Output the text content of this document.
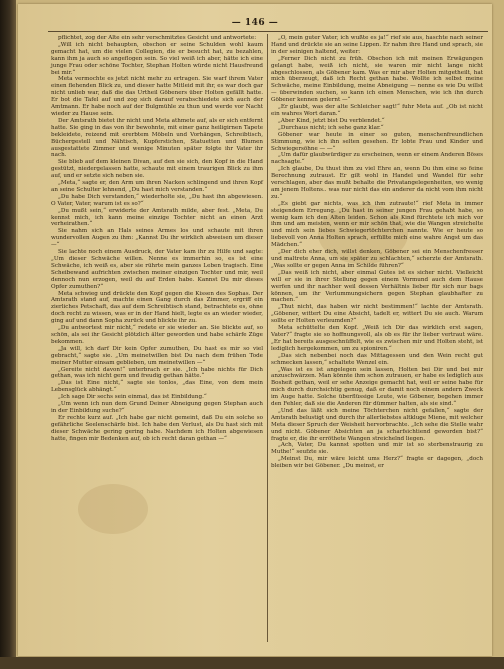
— 146 —

pflichtet, zog der Alte ein sehr verschmitztes Gesicht und antwortete:

„Will ich nicht behaupten, obschon er seine Schulden wohl kaum gemacht hat, um die vielen Collegien, die er besucht hat, zu bezahlen, kann ihm ja auch so angeflogen sein. So viel weiß ich aber, hätte ich eine junge Frau oder schöne Tochter, Stephan Holten würde nicht Hausfreund bei mir.“

Meta vermochte es jetzt nicht mehr zu ertragen. Sie warf ihrem Vater einen flehenden Blick zu, und dieser hatte Mitleid mit ihr, es war doch gar nicht unlieb war, daß die das Urtheil Göbeners über Holten gefällt hatte. Er bot die Tafel auf und zog sich darauf verabschiedete sich auch der Amtmann. Er habe noch auf der Bulgmühle zu thun und werde vor Nacht wieder zu Hause sein.

Der Amtsrath bietet ihr nicht und Meta athmete auf, als er sich entfernt hatte. Sie ging in das von ihr bewohnte, mit einer ganz heiligirnen Tapete bekleidete, reizend mit ererbtem Möbeln und Vorhängen, Schreibtisch, Büchergestell und Nähtisch, Kupferstichen, Statuetten und Blumen ausgestattete Zimmer und wenige Minuten später folgte ihr Vater ihr nach.

Sie blieb auf dem kleinen Divan, auf den sie sich, den Kopf in die Hand gestützt, niedergelassen hatte, schaute mit einem traurigen Blick zu ihm auf, und er setzte sich neben sie.

„Meta,“ sagte er, den Arm um ihren Nacken schlingend und ihren Kopf an seine Schulter lehnend, „Du hast mich verstanden.“

„Du habe Dich verstanden,“ wiederholte sie, „Du hast ihn abgewiesen. O Vater, Vater, warum ist es so?“

„Du mußt sein,“ erwiderte der Amtsrath milde, aber fest. „Meta, Du kennst mich, ich kann meine einzige Tochter nicht an einen Arzt verheirathen.“

Sie nahm sich an Hals seines Armes los und schaute mit ihren wundervollen Augen zu ihm: „Kannst Du ihr wirklich abweisen um dieser —“

Sie lachte noch einem Ausdruck, der Vater kam ihr zu Hilfe und sagte: „Um dieser Schwäche willen. Nenne es immerhin so, es ist eine Schwäche, ich weiß es, aber sie rührte mein ganzes Leben tragisch. Eine Scheibewand aufrichten zwischen meiner einzigen Tochter und mir, weil dennoch nun erzogen, weil du auf Erden habe. Kannst Du mir dieses Opfer zumuthen?“

Meta schwieg und drückte den Kopf gegen die Kissen des Sophas. Der Amtsrath stand auf, machte einen Gang durch das Zimmer, ergriff ein zierliches Petschaft, das auf dem Schreibtisch stand, betrachtete es, ohne doch recht zu wissen, was er in der Hand hielt, legte es an wieder wieder, ging auf und dann Sopha zurück und blickte ihr zu.

„Du antwortest mir nicht,“ redete er sie wieder an. Sie blickte auf, so schön, als sei ihr Gesicht plötzlich älter geworden und habe schärfe Züge bekommen.

„Ja will, ich darf Dir kein Opfer zumuthen, Du hast es mir so viel gebracht,“ sagte sie. „Um meinetwillen bist Du nach dem frühen Tode meiner Mutter einsam geblieben, um meinetwillen —“

„Gereite nicht davon!“ unterbrach er sie. „Ich habe nichts für Dich gethan, was ich nicht gern und freudig gethan hätte.“

„Das ist Eine nicht,“ sagte sie tonlos, „das Eine, von dem mein Lebensglück abhängt.“

„Ich sage Dir sechs sein einmal, das ist Einbildung.“

„Um wenn ich nun dem Grund Deiner Abneigung gegen Stephan auch in der Einbildung suche?“

Er rechte kurz auf. „Ich habe gar nicht gemeint, daß Du ein solche so gefährliche Seelenschärfe bist. Ich habe den Verlust, als Du hast sich mit dieser Schwäche gering gering habe. Nachdem ich Holten abgewiesen hatte, fingen mir Bedenken auf, ob ich recht daran gethan —“

„O, mein guter Vater, ich wußte es ja!“ rief sie aus, haschte nach seiner Hand und drückte sie an seine Lippen. Er nahm ihre Hand und sprach, sie in der seinigen haltend, weiter:

„Ferner Dich nicht zu früh. Obschon ich mit meinen Erwägungen gelangt habe, weiß ich nicht, sie waren mir nicht lange nicht abgeschlossen, als Göbener kam. Was er mir aber Holten mitgetheilt, hat mich überzeugt, daß ich Recht gethan habe. Wollte ich selbst meine Schwäche, meine Einbildung, meine Abneigung — nenne es wie Du willst — überwinden suchen, so kann ich einen Menschen, wie ich ihn durch Göbener kennen gelernt —“

„Er glaubt, was der alte Schleicher sagt!“ fuhr Meta auf. „Ob ist nicht ein wahres Wort daran.“

„Aber Kind, jetzt bist Du verblendet.“

„Durchaus nicht; ich sehe ganz klar.“

Göbener war heute in einer so guten, menschenfreundlichen Stimmung, wie ich ihn selten gesehen. Er lobte Frau und Kinder und Schwiegersöhne — —“

„Um dafür glaubwürdiger zu erscheinen, wenn er einem Anderen Böses nachsagte.“

„Ich glaube, Du thust ihm zu viel Ehre an, wenn Du ihm eine so feine Berechnung zutraust. Er gilt wohl in Handel und Wandel für sehr verschlagen, aber das mußt behalte die Privatangelegenheiten, wo wenig am jenem Holtens.. was nur nicht das ein anderer da nicht vom ihm nicht zu.“

„Es giebt gar nichts, was ich ihm zutraute!“ rief Meta in immer steigendem Erregung. „Du hast in seiner jungen Frau gehabt habe, so wenig kam ich den Alten leiden. Schon als Kind fürchtete ich mich vor ihm und am meisten, wenn er mir schön that, wie die Wangen streichelte und mich sein liebes Schwiegertöchterchen nannte. Wie er heute so liebevoll von Anna Holten sprach, erfüllte mich eine wahre Angst um das Mädchen.“

„Der dich eher dich, willst denken, Göbener sei ein Menschenfresser und maltrete Anna, um sie später zu schlachten,“ scherzte der Amtsrath. „Was sollte er gegen Anna im Schilde führen?“

„Das weiß ich nicht, aber einmal Gutes ist es sicher nicht. Vielleicht will er sie in ihrer Stellung gegen einem Vormund auch dem Hause werfen und ihr nachher weil dessen Verhältnis lieber für sich nur bags können, um ihr Verlummungsichern gegen Stephan glaubhafter zu machen.“

„Thut nicht, das haben wir nicht bestimmen!“ lachte der Amtsrath. „Göbener, wittert Du eine Absicht, tadelt er, wittert Du sie auch. Warum sollte er Holten verleumden?“

Meta schüttelte den Kopf. „Weiß ich Dir das wirklich erst sagen, Vater?“ fragte sie so hoffnungsvoll, als ob es für ihr lieber vertraut wäre. „Er hat bereits ausgeschnüffelt, wie es zwischen mir und Holten steht, ist lediglich hergekommen, um zu spioniren.“

„Das sich nebenbei noch das Mittagessen und den Wein recht gut schmecken lassen,“ schaltete Wenzel ein.

„Was ist es ist angelegen sein lassen, Holten bei Dir und bei mir anzuschwärzen. Man könnte ihm schon zutrauen, er habe es lediglich aus Bosheit gethan, weil er sehe Anzeige gemacht hat, weil er seine habe für mich durch durchsichtig genug, daß er damit noch einem andern Zweck im Auge hatte. Solche überflüssige Leute, wie Göbener, begehen immer den Fehler, daß sie die Anderen für dümmer halten, als sie sind.“

„Und das läßt sich meine Töchterchen nicht gefallen,“ sagte der Amtsrath belustigt und durch ihr allerliebstes altkluge Miene, mit welcher Meta dieser Spruch der Weisheit hervorbrachte. „Ich sehe die Stelle wahr und nicht. Göbener Absichten an ja scharfsichtiend geworden bist?“ fragte er, die ihr erröthete Wangen streichelnd liegen.

„Ach, Vater, Du kannst spotten und mir ist so sterbenstraurig zu Muthe!“ seufzte sie.

„Meinst Du, mir wäre leicht ums Herz?“ fragte er dagegen, „doch bleiben wir bei Göbener. „Du meinst, er
